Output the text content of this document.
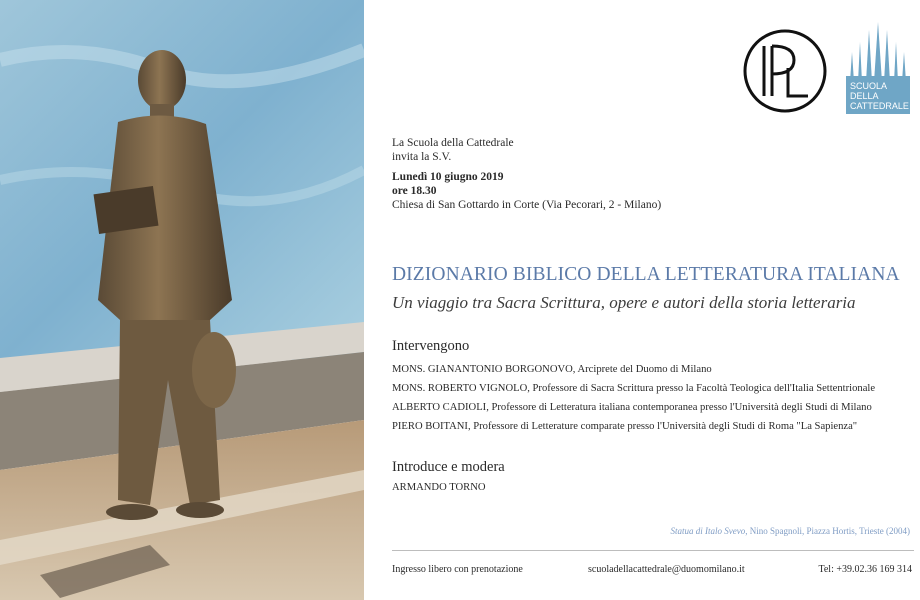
SCUOLA
DELLA
CATTEDRALE
La Scuola della Cattedrale
invita la S.V.
Lunedì 10 giugno 2019
ore 18.30
Chiesa di San Gottardo in Corte (Via Pecorari, 2 - Milano)
DIZIONARIO BIBLICO DELLA LETTERATURA ITALIANA
Un viaggio tra Sacra Scrittura, opere e autori della storia letteraria
Intervengono
MONS. GIANANTONIO BORGONOVO, Arciprete del Duomo di Milano
MONS. ROBERTO VIGNOLO, Professore di Sacra Scrittura presso la Facoltà Teologica dell'Italia Settentrionale
ALBERTO CADIOLI, Professore di Letteratura italiana contemporanea presso l'Università degli Studi di Milano
PIERO BOITANI, Professore di Letterature comparate presso l'Università degli Studi di Roma "La Sapienza"
Introduce e modera
ARMANDO TORNO
Statua di Italo Svevo, Nino Spagnoli, Piazza Hortis, Trieste (2004)
Ingresso libero con prenotazione	scuoladellacattedrale@duomomilano.it	Tel: +39.02.36 169 314
